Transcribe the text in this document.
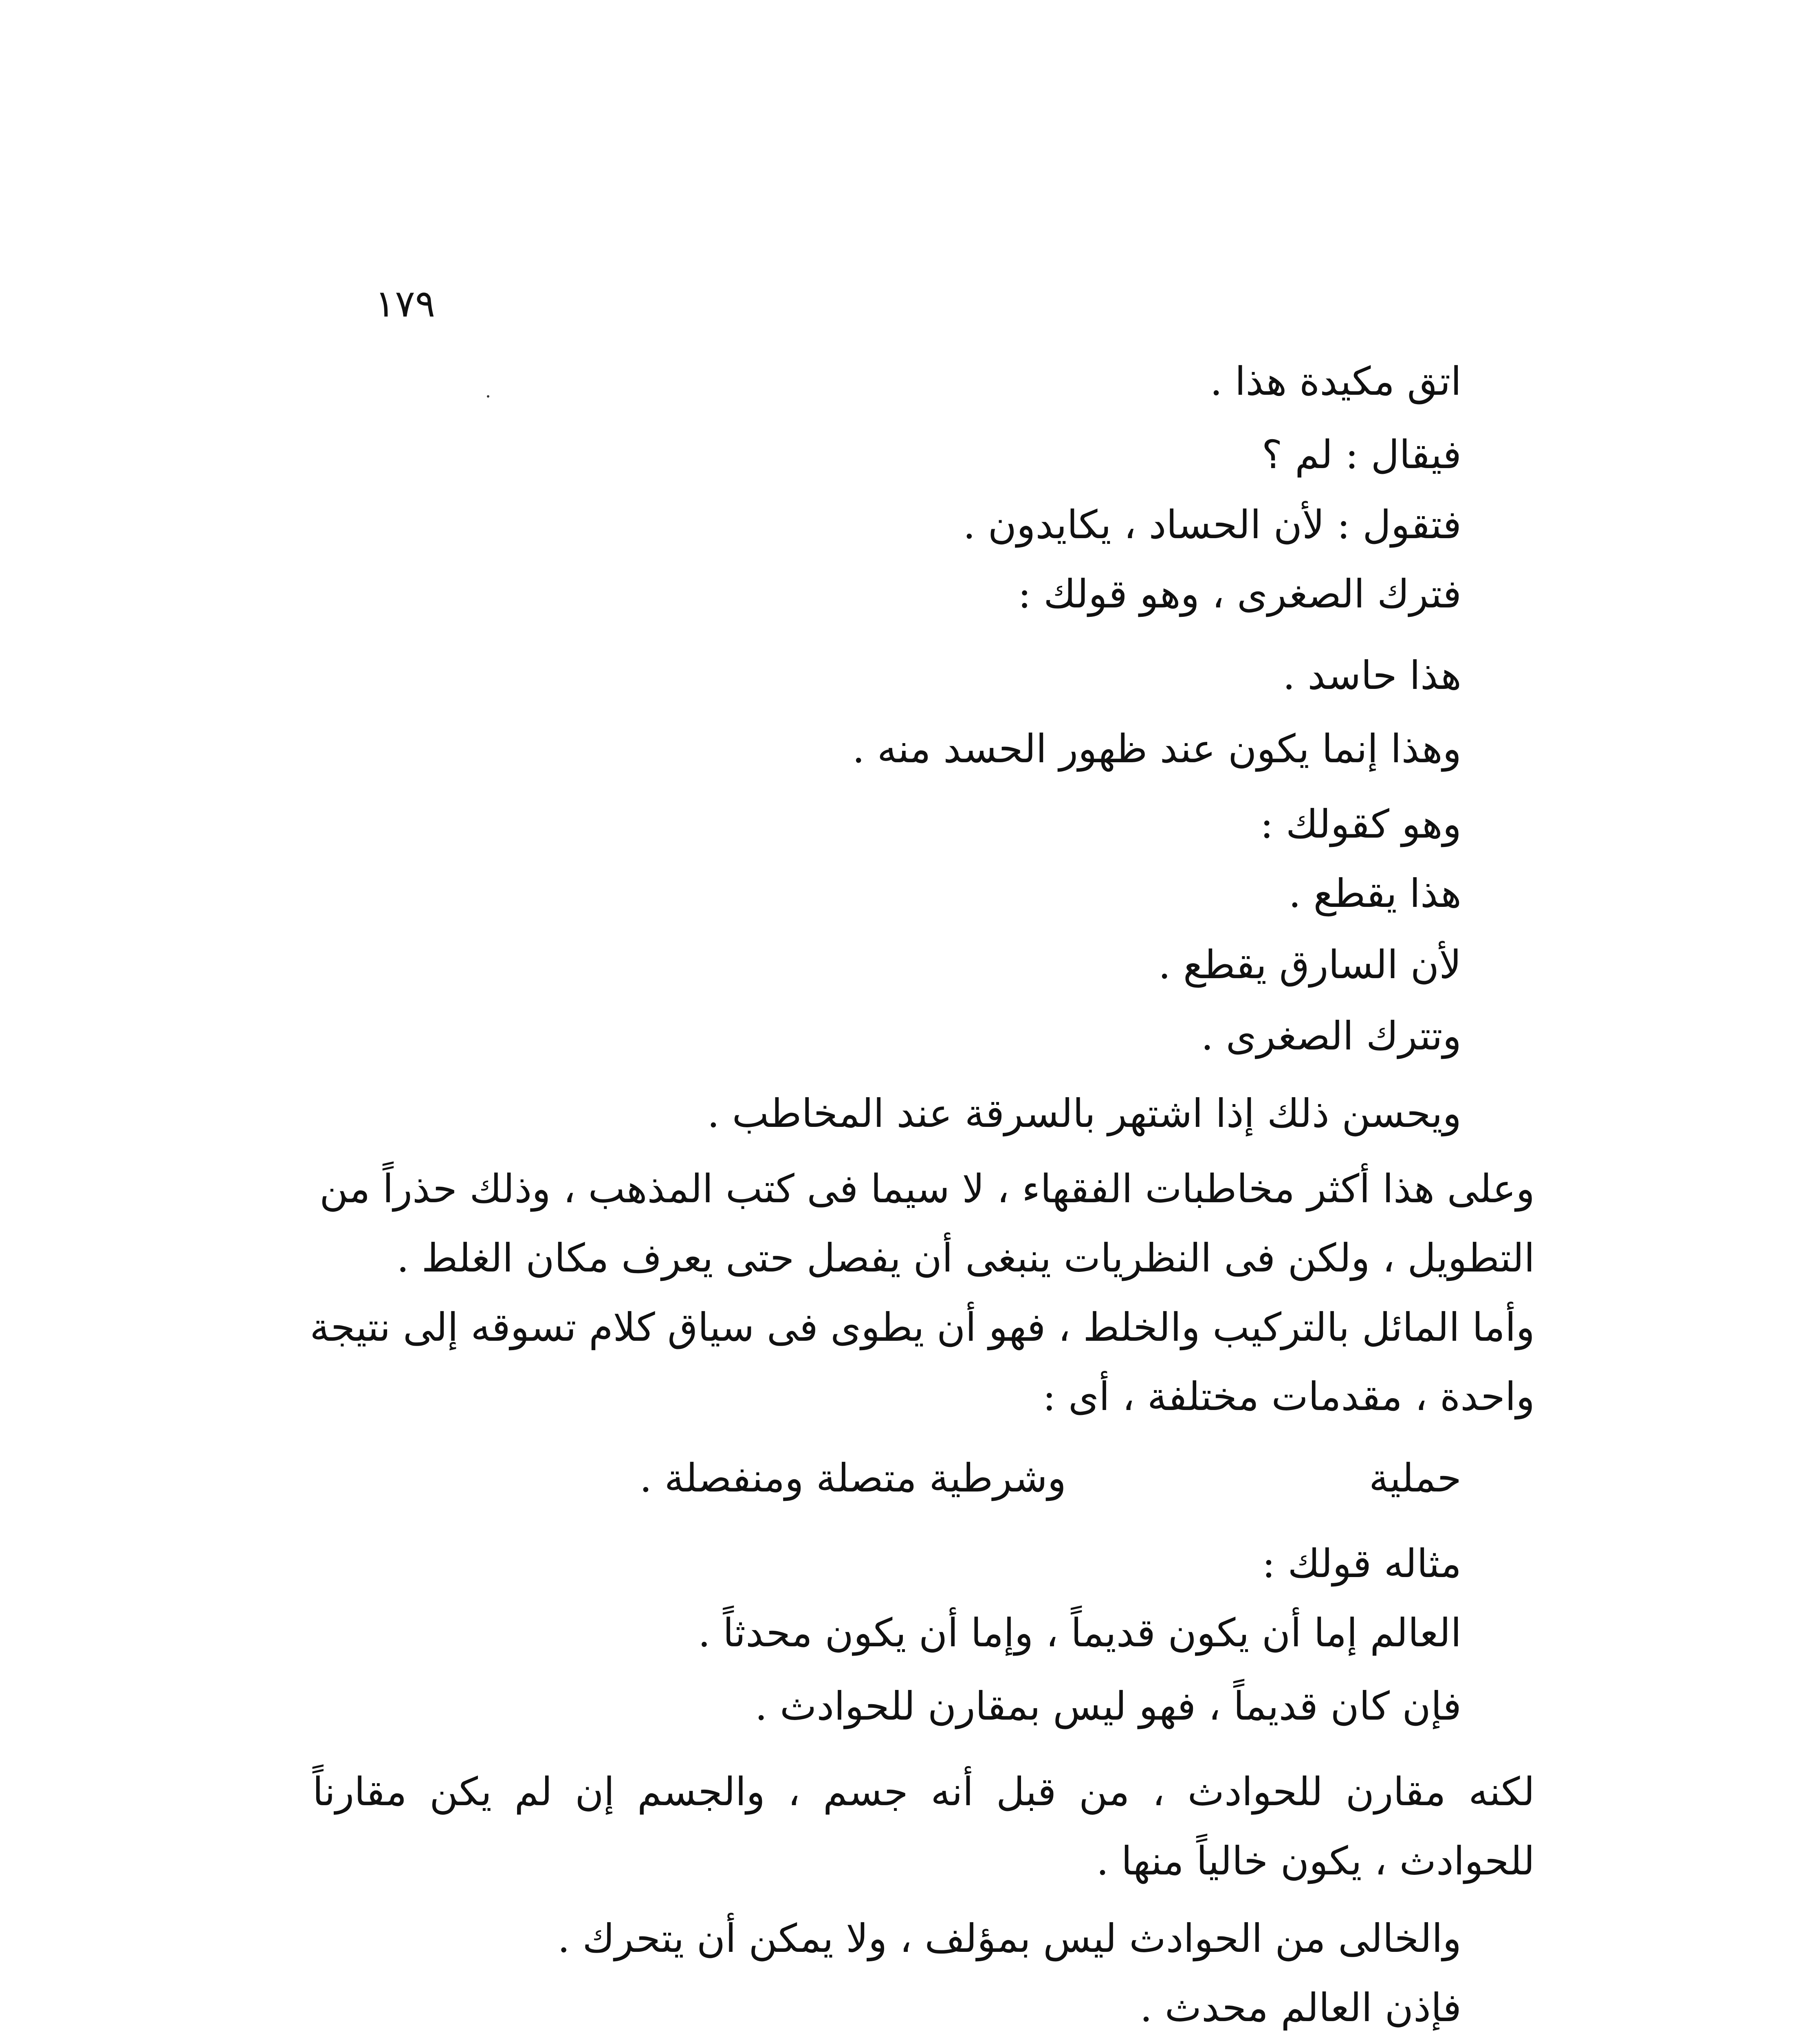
١٧٩
اتق مكيدة هذا .
فيقال : لم ؟
فتقول : لأن الحساد ، يكايدون .
فترك الصغرى ، وهو قولك :
هذا حاسد .
وهذا إنما يكون عند ظهور الحسد منه .
وهو كقولك :
هذا يقطع .
لأن السارق يقطع .
وتترك الصغرى .
ويحسن ذلك إذا اشتهر بالسرقة عند المخاطب .
وعلى هذا أكثر مخاطبات الفقهاء ، لا سيما فى كتب المذهب ، وذلك حذراً من
التطويل ، ولكن فى النظريات ينبغى أن يفصل حتى يعرف مكان الغلط .
وأما المائل بالتركيب والخلط ، فهو أن يطوى فى سياق كلام تسوقه إلى نتيجة
واحدة ، مقدمات مختلفة ، أى :
حملية
وشرطية متصلة ومنفصلة .
مثاله قولك :
العالم إما أن يكون قديماً ، وإما أن يكون محدثاً .
فإن كان قديماً ، فهو ليس بمقارن للحوادث .
لكنه مقارن للحوادث ، من قبل أنه جسم ، والجسم إن لم يكن مقارناً
للحوادث ، يكون خالياً منها .
والخالى من الحوادث ليس بمؤلف ، ولا يمكن أن يتحرك .
فإذن العالم محدث .
